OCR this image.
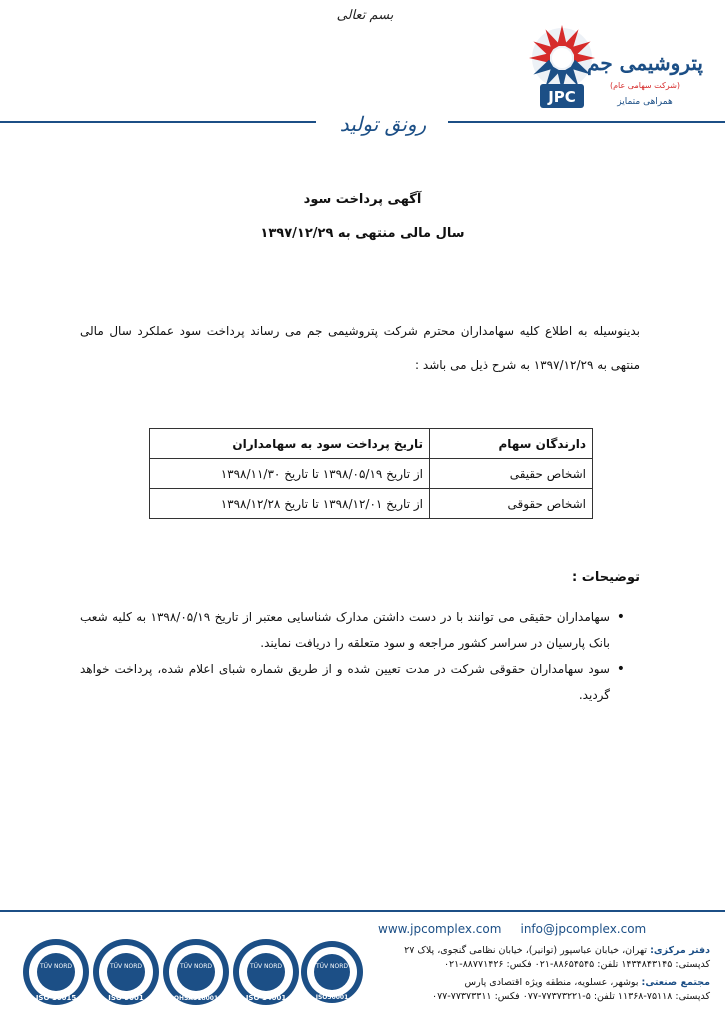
بسم تعالی
JPC
پتروشیمی جم
(شرکت سهامی عام)
همراهی متمایز
رونق تولید
آگهی پرداخت سود
سال مالی منتهی به ۱۳۹۷/۱۲/۲۹
بدینوسیله به اطلاع کلیه سهامداران محترم شرکت پتروشیمی جم می رساند پرداخت سود عملکرد سال مالی منتهی به ۱۳۹۷/۱۲/۲۹ به شرح ذیل می باشد :
دارندگان سهام	تاریخ پرداخت سود به سهامداران
اشخاص حقیقی	از تاریخ ۱۳۹۸/۰۵/۱۹ تا تاریخ ۱۳۹۸/۱۱/۳۰
اشخاص حقوقی	از تاریخ ۱۳۹۸/۱۲/۰۱ تا تاریخ ۱۳۹۸/۱۲/۲۸
توضیحات :
• سهامداران حقیقی می توانند با در دست داشتن مدارک شناسایی معتبر از تاریخ ۱۳۹۸/۰۵/۱۹ به کلیه شعب بانک پارسیان در سراسر کشور مراجعه و سود متعلقه را دریافت نمایند.
• سود سهامداران حقوقی شرکت در مدت تعیین شده و از طریق شماره شبای اعلام شده، پرداخت خواهد گردید.
www.jpcomplex.com info@jpcomplex.com
دفتر مرکزی: تهران، خیابان عباسپور (توانیر)، خیابان نظامی گنجوی، پلاک ۲۷
کدپستی: ۱۴۳۴۸۴۳۱۴۵ تلفن: ۸۸۶۵۴۵۴۵-۰۲۱ فکس: ۸۸۷۷۱۴۲۶-۰۲۱
مجتمع صنعتی: بوشهر، عسلویه، منطقه ویژه اقتصادی پارس
کدپستی: ۷۵۱۱۸-۱۱۳۶۸ تلفن: ۵-۷۷۳۷۳۲۲۱-۰۷۷ فکس: ۷۷۳۷۳۳۱۱-۰۷۷
TÜV NORD
ISO 10015
TÜV NORD
ISO 9001
TÜV NORD
OHSAS18001
TÜV NORD
ISO 14001
TÜV NORD
ISO50001
